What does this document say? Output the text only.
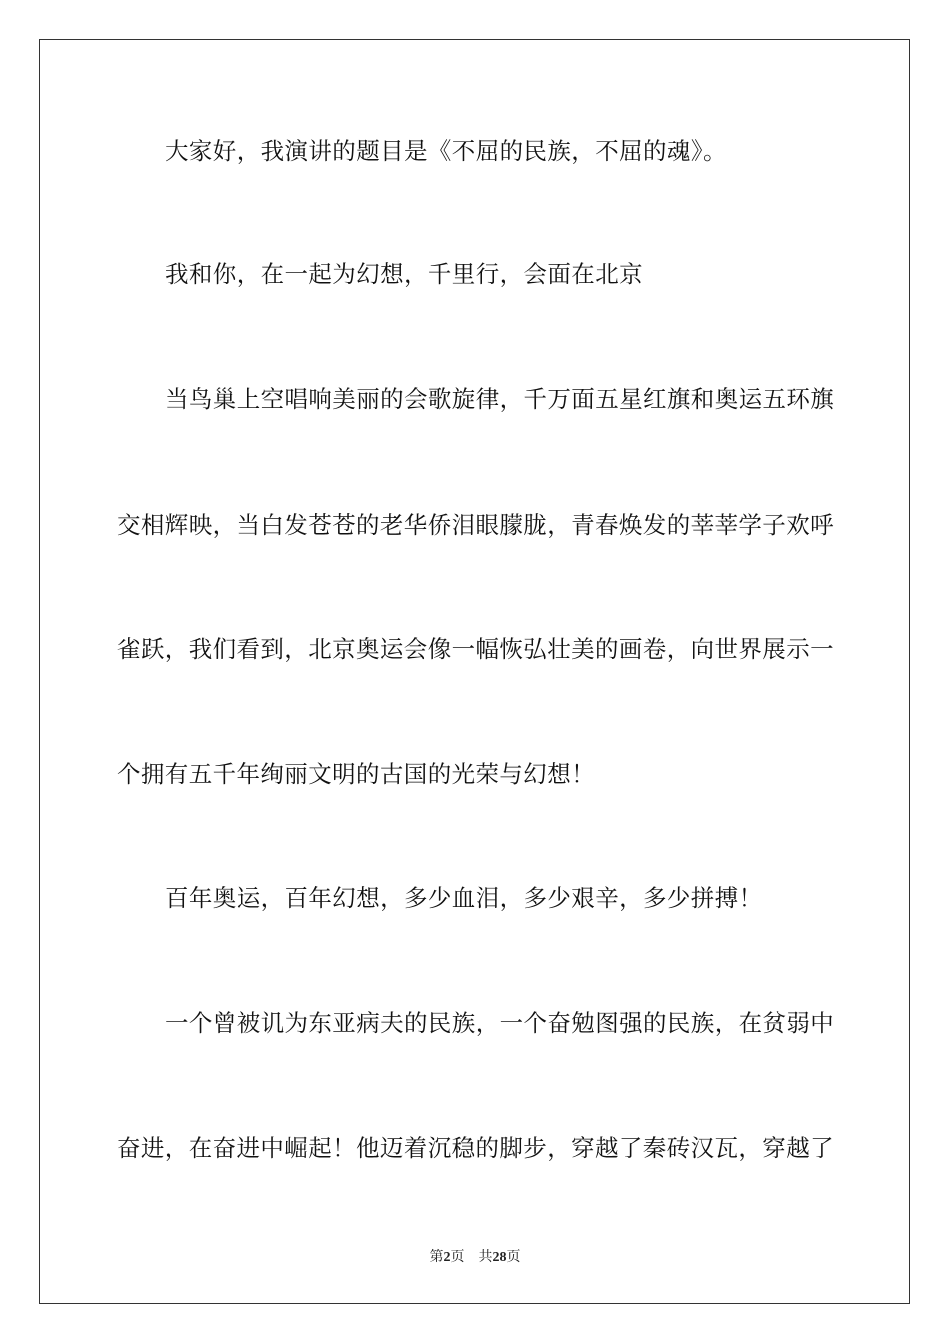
大家好，我演讲的题目是《不屈的民族，不屈的魂》。
我和你，在一起为幻想，千里行，会面在北京
当鸟巢上空唱响美丽的会歌旋律，千万面五星红旗和奥运五环旗
交相辉映，当白发苍苍的老华侨泪眼朦胧，青春焕发的莘莘学子欢呼
雀跃，我们看到，北京奥运会像一幅恢弘壮美的画卷，向世界展示一
个拥有五千年绚丽文明的古国的光荣与幻想！
百年奥运，百年幻想，多少血泪，多少艰辛，多少拼搏！
一个曾被讥为东亚病夫的民族，一个奋勉图强的民族，在贫弱中
奋进，在奋进中崛起！他迈着沉稳的脚步，穿越了秦砖汉瓦，穿越了
第2页 共28页
